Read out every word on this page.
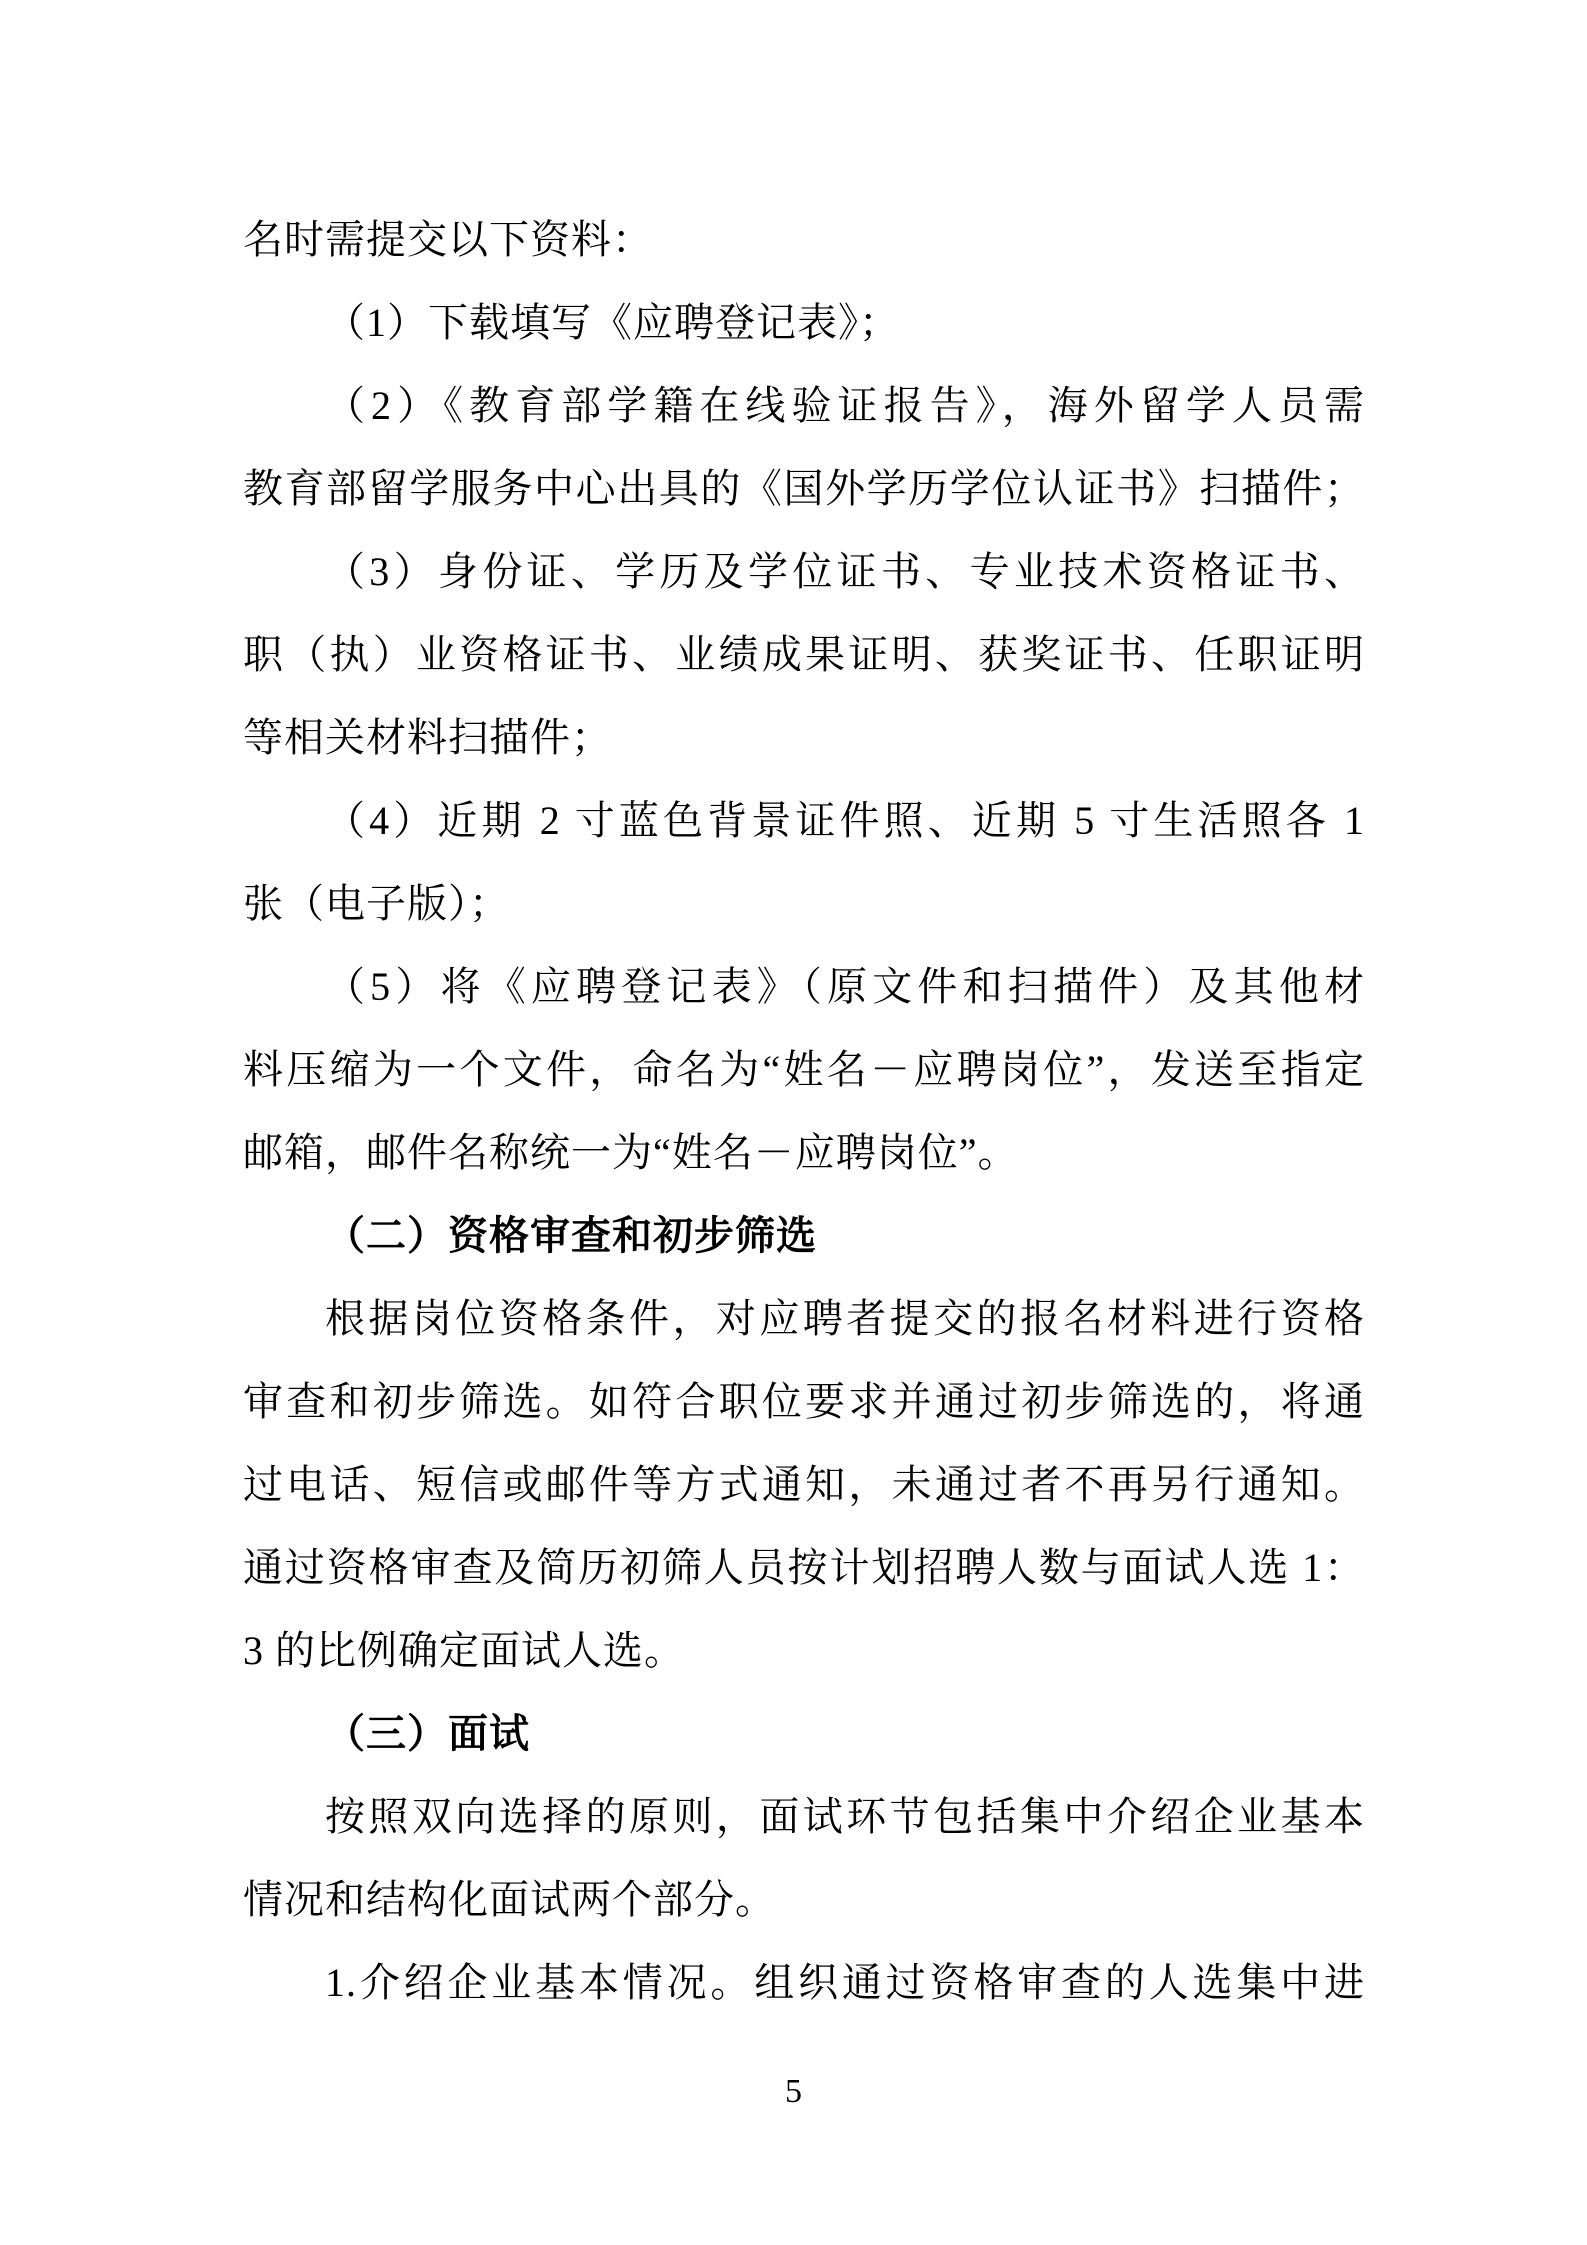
名时需提交以下资料：
（1）下载填写《应聘登记表》；
（2）《教育部学籍在线验证报告》，海外留学人员需
教育部留学服务中心出具的《国外学历学位认证书》扫描件；
（3）身份证、学历及学位证书、专业技术资格证书、
职（执）业资格证书、业绩成果证明、获奖证书、任职证明
等相关材料扫描件；
（4）近期 2 寸蓝色背景证件照、近期 5 寸生活照各 1
张（电子版）；
（5）将《应聘登记表》（原文件和扫描件）及其他材
料压缩为一个文件，命名为“姓名－应聘岗位”，发送至指定
邮箱，邮件名称统一为“姓名－应聘岗位”。
（二）资格审查和初步筛选
根据岗位资格条件，对应聘者提交的报名材料进行资格
审查和初步筛选。如符合职位要求并通过初步筛选的，将通
过电话、短信或邮件等方式通知，未通过者不再另行通知。
通过资格审查及简历初筛人员按计划招聘人数与面试人选 1：
3 的比例确定面试人选。
（三）面试
按照双向选择的原则，面试环节包括集中介绍企业基本
情况和结构化面试两个部分。
1.介绍企业基本情况。组织通过资格审查的人选集中进
5
